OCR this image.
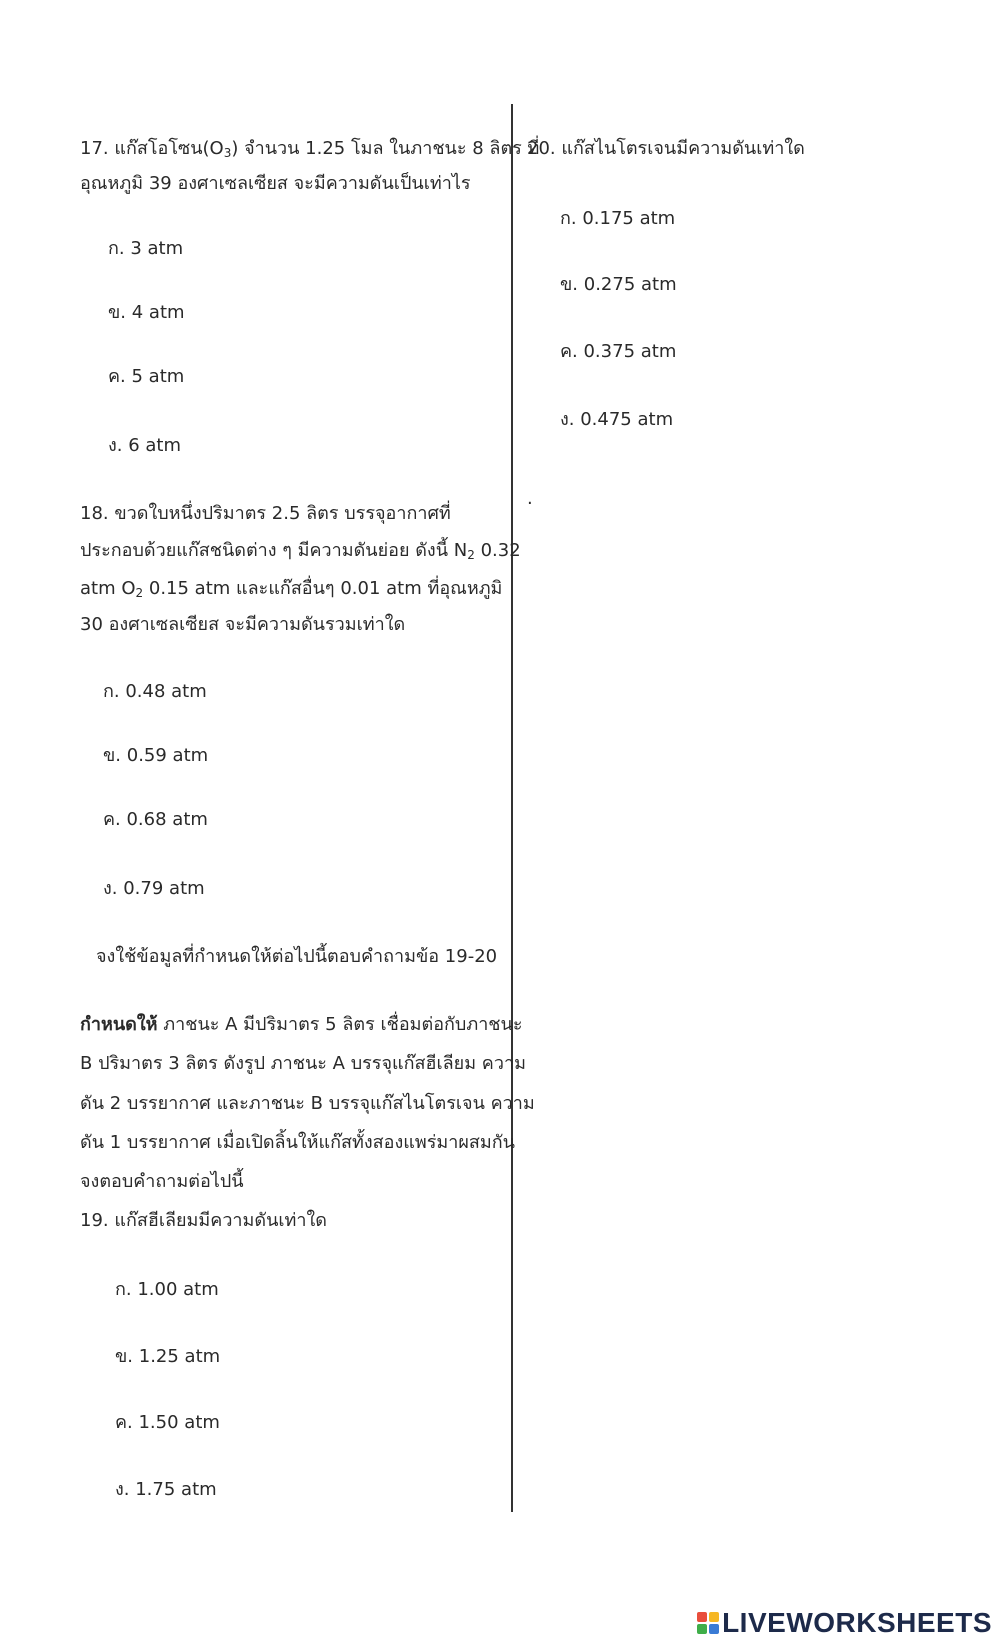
17. แก๊สโอโซน$(O_3)$ จำนวน 1.25 โมล ในภาชนะ 8 ลิตร ที่
อุณหภูมิ 39 องศาเซลเซียส จะมีความดันเป็นเท่าไร
ก. 3 atm
ข. 4 atm
ค. 5 atm
ง. 6 atm
18. ขวดใบหนึ่งปริมาตร 2.5 ลิตร บรรจุอากาศที่
ประกอบด้วยแก๊สชนิดต่าง ๆ มีความดันย่อย ดังนี้ $N_2$ 0.32
atm $O_2$ 0.15 atm และแก๊สอื่นๆ 0.01 atm ที่อุณหภูมิ
30 องศาเซลเซียส จะมีความดันรวมเท่าใด
ก. 0.48 atm
ข. 0.59 atm
ค. 0.68 atm
ง. 0.79 atm
จงใช้ข้อมูลที่กำหนดให้ต่อไปนี้ตอบคำถามข้อ 19-20
กำหนดให้ ภาชนะ A มีปริมาตร 5 ลิตร เชื่อมต่อกับภาชนะ
B ปริมาตร 3 ลิตร ดังรูป ภาชนะ A บรรจุแก๊สฮีเลียม ความ
ดัน 2 บรรยากาศ และภาชนะ B บรรจุแก๊สไนโตรเจน ความ
ดัน 1 บรรยากาศ เมื่อเปิดลิ้นให้แก๊สทั้งสองแพร่มาผสมกัน
จงตอบคำถามต่อไปนี้
19. แก๊สฮีเลียมมีความดันเท่าใด
ก. 1.00 atm
ข. 1.25 atm
ค. 1.50 atm
ง. 1.75 atm
20. แก๊สไนโตรเจนมีความดันเท่าใด
ก. 0.175 atm
ข. 0.275 atm
ค. 0.375 atm
ง. 0.475 atm
.
LIVEWORKSHEETS
